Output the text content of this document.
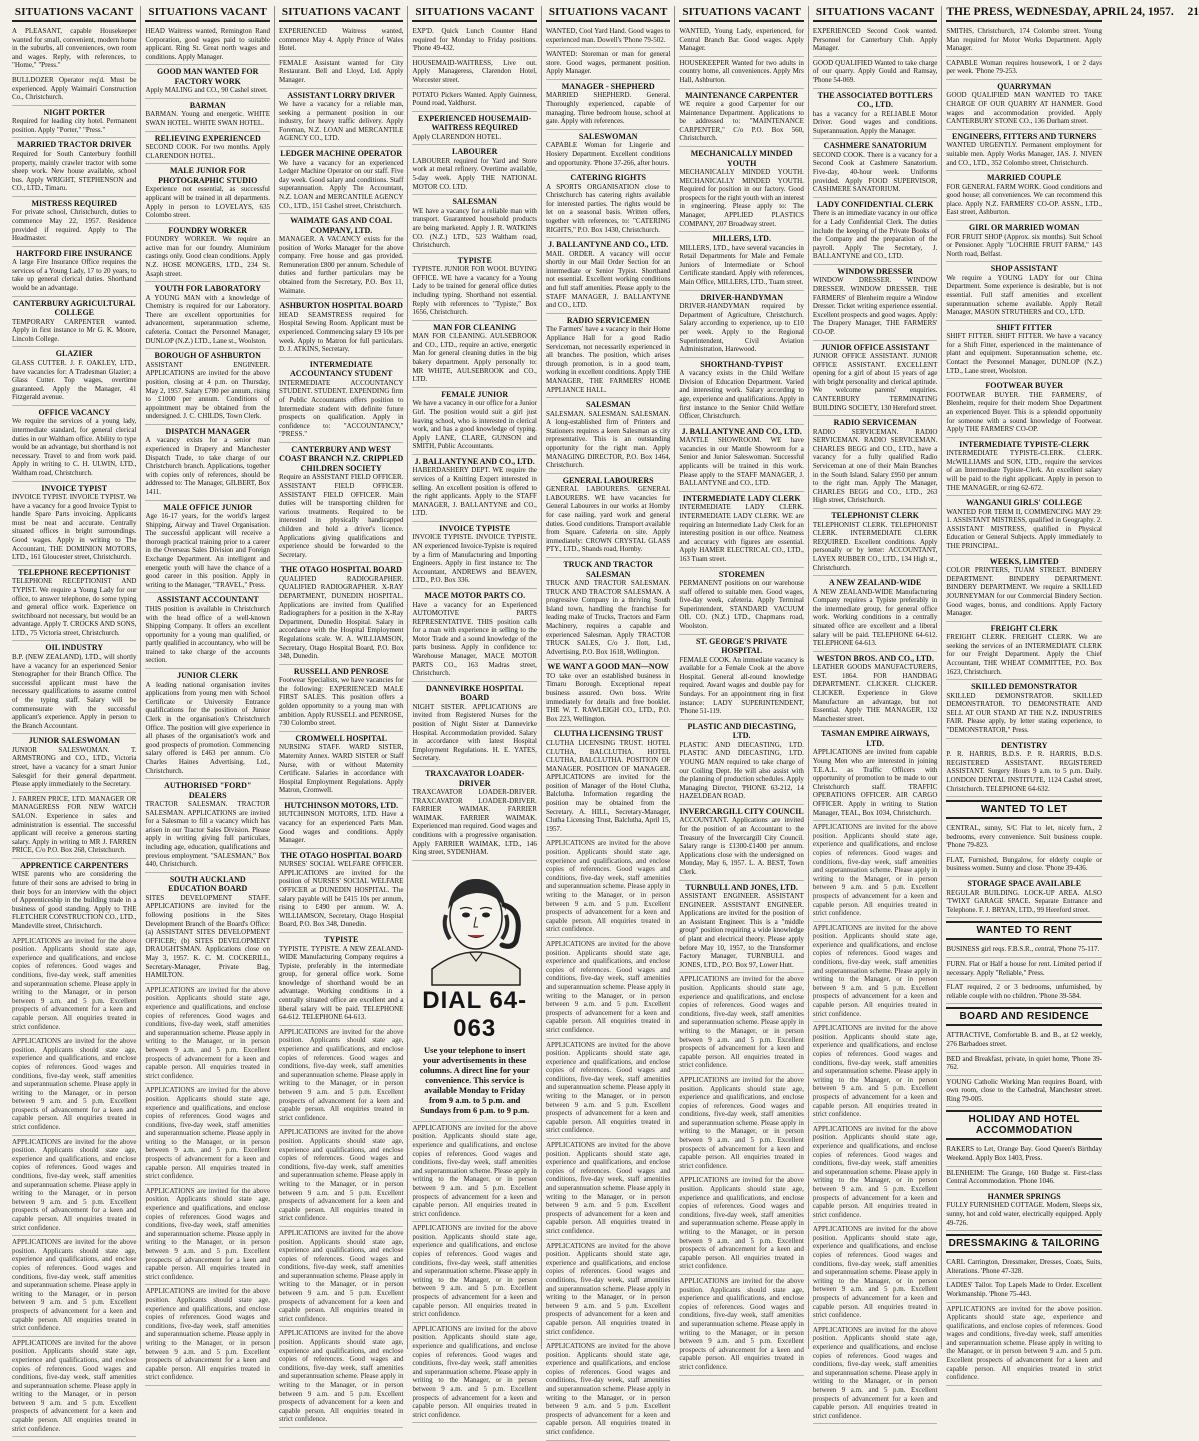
SITUATIONS VACANT

A PLEASANT, capable Housekeeper wanted for small, convenient, modern home in the suburbs, all conveniences, own room and wages. Reply, with references, to "Home," "Press."

BULLDOZER Operator req'd. Must be experienced. Apply Waimairi Construction Co., Christchurch.

NIGHT PORTER

Required for leading city hotel. Permanent position. Apply "Porter," "Press."

MARRIED TRACTOR DRIVER

Required for South Canterbury foothill property, mainly crawler tractor with some sheep work. New house available, school bus. Apply WRIGHT, STEPHENSON and CO., LTD., Timaru.

MISTRESS REQUIRED

For private school, Christchurch, duties to commence May 22, 1957. Residence provided if required. Apply to The Headmaster.

HARTFORD FIRE INSURANCE

A large Fire Insurance Office requires the services of a Young Lady, 17 to 20 years, to take up general clerical duties. Shorthand would be an advantage.

CANTERBURY AGRICULTURAL COLLEGE

TEMPORARY CARPENTER wanted. Apply in first instance to Mr G. K. Moore, Lincoln College.

GLAZIER

GLASS CUTTER. J. F. OAKLEY, LTD., have vacancies for: A Tradesman Glazier; a Glass Cutter. Top wages, overtime guaranteed. Apply the Manager, 41 Fitzgerald avenue.

OFFICE VACANCY

We require the services of a young lady, intermediate standard, for general clerical duties in our Waltham office. Ability to type would be an advantage, but shorthand is not necessary. Travel to and from work paid. Apply in writing to C. H. ULWIN, LTD., Waltham road, Christchurch.

INVOICE TYPIST

INVOICE TYPIST. INVOICE TYPIST. We have a vacancy for a good Invoice Typist to handle Spare Parts invoicing. Applicants must be neat and accurate. Centrally situated offices in bright surroundings. Good wages. Apply in writing to The Accountant, THE DOMINION MOTORS, LTD., 161 Gloucester street, Christchurch.

TELEPHONE RECEPTIONIST

TELEPHONE RECEPTIONIST AND TYPIST. We require a Young Lady for our office, to answer telephone, do some typing and general office work. Experience on switchboard not necessary, but would be an advantage. Apply T. CROCKS AND SONS, LTD., 75 Victoria street, Christchurch.

OIL INDUSTRY

B.P. (NEW ZEALAND), LTD., will shortly have a vacancy for an experienced Senior Stenographer for their Branch Office. The successful applicant must have the necessary qualifications to assume control of the typing staff. Salary will be commensurate with the successful applicant's experience. Apply in person to the Branch Accountant.

JUNIOR SALESWOMAN

JUNIOR SALESWOMAN. T. ARMSTRONG and CO., LTD., Victoria street, have a vacancy for a smart Junior Salesgirl for their general department. Please apply immediately to the Secretary.

J. FARREN PRICE, LTD. MANAGER OR MANAGERESS FOR NEW WATCH SALON. Experience in sales and administration is essential. The successful applicant will receive a generous starting salary. Apply in writing to MR J. FARREN PRICE, C/o P.O. Box 268, Christchurch.

APPRENTICE CARPENTERS

WISE parents who are considering the future of their sons are advised to bring in their boys for an interview with the object of Apprenticeship in the building trade in a business of good standing. Apply to THE FLETCHER CONSTRUCTION CO., LTD., Mandeville street, Christchurch.

APPLICATIONS are invited for the above position. Applicants should state age, experience and qualifications, and enclose copies of references. Good wages and conditions, five-day week, staff amenities and superannuation scheme. Please apply in writing to the Manager, or in person between 9 a.m. and 5 p.m. Excellent prospects of advancement for a keen and capable person. All enquiries treated in strict confidence.
APPLICATIONS are invited for the above position. Applicants should state age, experience and qualifications, and enclose copies of references. Good wages and conditions, five-day week, staff amenities and superannuation scheme. Please apply in writing to the Manager, or in person between 9 a.m. and 5 p.m. Excellent prospects of advancement for a keen and capable person. All enquiries treated in strict confidence.
APPLICATIONS are invited for the above position. Applicants should state age, experience and qualifications, and enclose copies of references. Good wages and conditions, five-day week, staff amenities and superannuation scheme. Please apply in writing to the Manager, or in person between 9 a.m. and 5 p.m. Excellent prospects of advancement for a keen and capable person. All enquiries treated in strict confidence.
APPLICATIONS are invited for the above position. Applicants should state age, experience and qualifications, and enclose copies of references. Good wages and conditions, five-day week, staff amenities and superannuation scheme. Please apply in writing to the Manager, or in person between 9 a.m. and 5 p.m. Excellent prospects of advancement for a keen and capable person. All enquiries treated in strict confidence.
APPLICATIONS are invited for the above position. Applicants should state age, experience and qualifications, and enclose copies of references. Good wages and conditions, five-day week, staff amenities and superannuation scheme. Please apply in writing to the Manager, or in person between 9 a.m. and 5 p.m. Excellent prospects of advancement for a keen and capable person. All enquiries treated in strict confidence.
SITUATIONS VACANT

HEAD Waitress wanted, Remington Rand Corporation, good wages paid to suitable applicant. Ring St. Great north wages and conditions. Apply Manager.

GOOD MAN WANTED FOR FACTORY WORK

Apply MALING and CO., 90 Cashel street.

BARMAN

BARMAN. Young and energetic. WHITE SWAN HOTEL. WHITE SWAN HOTEL.

RELIEVING EXPERIENCED

SECOND COOK. For two months. Apply CLARENDON HOTEL.

MALE JUNIOR FOR PHOTOGRAPHIC STUDIO

Experience not essential, as successful applicant will be trained in all departments. Apply in person to LOVELAYS, 635 Colombo street.

FOUNDRY WORKER

FOUNDRY WORKER. We require an active man for our foundry. Aluminium castings only. Good clean conditions. Apply N.Z. HOSE MONGERS, LTD., 234 St. Asaph street.

YOUTH FOR LABORATORY

A YOUNG MAN with a knowledge of Chemistry is required for our Laboratory. There are excellent opportunities for advancement, superannuation scheme, cafeteria. Contact the Personnel Manager, DUNLOP (N.Z.) LTD., Lane st., Woolston.

BOROUGH OF ASHBURTON

ASSISTANT ENGINEER. APPLICATIONS are invited for the above position, closing at 4 p.m. on Thursday, May 2, 1957. Salary £780 per annum, rising to £1000 per annum. Conditions of appointment may be obtained from the undersigned. J. C. CHILDS, Town Clerk.

DISPATCH MANAGER

A vacancy exists for a senior man experienced in Drapery and Manchester Dispatch Trade, to take charge of our Christchurch branch. Applications, together with copies only of references, should be addressed to: The Manager, GILBERT, Box 1411.

MALE OFFICE JUNIOR

Age 16-17 years, for the world's largest Shipping, Airway and Travel Organisation. The successful applicant will receive a thorough practical training prior to a career in the Overseas Sales Division and Foreign Exchange Department. An intelligent and energetic youth will have the chance of a good career in this position. Apply in writing to the Manager, "TRAVEL," Press.

ASSISTANT ACCOUNTANT

THIS position is available in Christchurch with the head office of a well-known Shipping Company. It offers an excellent opportunity for a young man qualified, or partly qualified in accountancy, who will be trained to take charge of the accounts section.

JUNIOR CLERK

A leading national organisation invites applications from young men with School Certificate or University Entrance qualifications for the position of Junior Clerk in the organisation's Christchurch Office. The position will give experience in all phases of the organisation's work and good prospects of promotion. Commencing salary offered is £463 per annum. C/o Charles Haines Advertising, Ltd., Christchurch.

AUTHORISED "FORD" DEALERS

TRACTOR SALESMAN. TRACTOR SALESMAN. APPLICATIONS are invited for a Salesman to fill a vacancy which has arisen in our Tractor Sales Division. Please apply in writing giving full particulars, including age, education, qualifications and previous employment. "SALESMAN," Box 440, Christchurch.

SOUTH AUCKLAND EDUCATION BOARD

SITES DEVELOPMENT STAFF. APPLICATIONS are invited for the following positions in the Sites Development Branch of the Board's Office: (a) ASSISTANT SITES DEVELOPMENT OFFICER; (b) SITES DEVELOPMENT DRAUGHTSMAN. Applications close on May 3, 1957. K. C. M. COCKERILL, Secretary-Manager, Private Bag, HAMILTON.

APPLICATIONS are invited for the above position. Applicants should state age, experience and qualifications, and enclose copies of references. Good wages and conditions, five-day week, staff amenities and superannuation scheme. Please apply in writing to the Manager, or in person between 9 a.m. and 5 p.m. Excellent prospects of advancement for a keen and capable person. All enquiries treated in strict confidence.
APPLICATIONS are invited for the above position. Applicants should state age, experience and qualifications, and enclose copies of references. Good wages and conditions, five-day week, staff amenities and superannuation scheme. Please apply in writing to the Manager, or in person between 9 a.m. and 5 p.m. Excellent prospects of advancement for a keen and capable person. All enquiries treated in strict confidence.
APPLICATIONS are invited for the above position. Applicants should state age, experience and qualifications, and enclose copies of references. Good wages and conditions, five-day week, staff amenities and superannuation scheme. Please apply in writing to the Manager, or in person between 9 a.m. and 5 p.m. Excellent prospects of advancement for a keen and capable person. All enquiries treated in strict confidence.
APPLICATIONS are invited for the above position. Applicants should state age, experience and qualifications, and enclose copies of references. Good wages and conditions, five-day week, staff amenities and superannuation scheme. Please apply in writing to the Manager, or in person between 9 a.m. and 5 p.m. Excellent prospects of advancement for a keen and capable person. All enquiries treated in strict confidence.
SITUATIONS VACANT

EXPERIENCED Waitress wanted, commence May 4. Apply Prince of Wales Hotel.

FEMALE Assistant wanted for City Restaurant. Bell and Lloyd, Ltd. Apply Manager.

ASSISTANT LORRY DRIVER

We have a vacancy for a reliable man, seeking a permanent position in our industry, for heavy traffic delivery. Apply Foreman, N.Z. LOAN and MERCANTILE AGENCY CO., LTD.

LEDGER MACHINE OPERATOR

We have a vacancy for an experienced Ledger Machine Operator on our staff. Five day week. Good salary and conditions. Staff superannuation. Apply The Accountant, N.Z. LOAN and MERCANTILE AGENCY CO., LTD., 151 Cashel street, Christchurch.

WAIMATE GAS AND COAL COMPANY, LTD.

MANAGER. A VACANCY exists for the position of Works Manager for the above company. Free house and gas provided. Remuneration £800 per annum. Schedule of duties and further particulars may be obtained from the Secretary, P.O. Box 11, Waimate.

ASHBURTON HOSPITAL BOARD

HEAD SEAMSTRESS required for Hospital Sewing Room. Applicant must be experienced. Commencing salary £9 10s per week. Apply to Matron for full particulars. D. J. ATKINS, Secretary.

INTERMEDIATE ACCOUNTANCY STUDENT

INTERMEDIATE ACCOUNTANCY STUDENT. STUDENT. EXPENDING firm of Public Accountants offers position to Intermediate student with definite future prospects on qualification. Apply in confidence to: "ACCOUNTANCY," "PRESS."

CANTERBURY AND WEST COAST BRANCH N.Z. CRIPPLED CHILDREN SOCIETY

Require an ASSISTANT FIELD OFFICER. ASSISTANT FIELD OFFICER. ASSISTANT FIELD OFFICER. Main duties will be transporting children for various treatments. Required to be interested in physically handicapped children and hold a driver's licence. Applications giving qualifications and experience should be forwarded to the Secretary.

THE OTAGO HOSPITAL BOARD

QUALIFIED RADIOGRAPHER. QUALIFIED RADIOGRAPHER. X-RAY DEPARTMENT, DUNEDIN HOSPITAL. Applications are invited from Qualified Radiographers for a position in the X-Ray Department, Dunedin Hospital. Salary in accordance with the Hospital Employment Regulations scale. W. A. WILLIAMSON, Secretary, Otago Hospital Board, P.O. Box 348, Dunedin.

RUSSELL AND PENROSE

Footwear Specialists, we have vacancies for the following: EXPERIENCED MALE FIRST SALES. This position offers a golden opportunity to a young man with ambition. Apply RUSSELL and PENROSE, 730 Colombo street.

CROMWELL HOSPITAL

NURSING STAFF. WARD SISTER, Maternity Annex. WARD SISTER or Staff Nurse, with or without Maternity Certificate. Salaries in accordance with Hospital Employment Regulations. Apply Matron, Cromwell.

HUTCHINSON MOTORS, LTD.

HUTCHINSON MOTORS, LTD. Have a vacancy for an experienced Parts Man. Good wages and conditions. Apply Manager.

THE OTAGO HOSPITAL BOARD

NURSES' SOCIAL WELFARE OFFICER. APPLICATIONS are invited for the position of NURSES' SOCIAL WELFARE OFFICER at DUNEDIN HOSPITAL. The salary payable will be £415 10s per annum, rising to £490 per annum. W. A. WILLIAMSON, Secretary, Otago Hospital Board, P.O. Box 348, Dunedin.

TYPISTE

TYPISTE. TYPISTE. A NEW ZEALAND-WIDE Manufacturing Company requires a Typiste, preferably in the intermediate group, for general office work. Some knowledge of shorthand would be an advantage. Working conditions in a centrally situated office are excellent and a liberal salary will be paid. TELEPHONE 64-612. TELEPHONE 64-613.

APPLICATIONS are invited for the above position. Applicants should state age, experience and qualifications, and enclose copies of references. Good wages and conditions, five-day week, staff amenities and superannuation scheme. Please apply in writing to the Manager, or in person between 9 a.m. and 5 p.m. Excellent prospects of advancement for a keen and capable person. All enquiries treated in strict confidence.
APPLICATIONS are invited for the above position. Applicants should state age, experience and qualifications, and enclose copies of references. Good wages and conditions, five-day week, staff amenities and superannuation scheme. Please apply in writing to the Manager, or in person between 9 a.m. and 5 p.m. Excellent prospects of advancement for a keen and capable person. All enquiries treated in strict confidence.
APPLICATIONS are invited for the above position. Applicants should state age, experience and qualifications, and enclose copies of references. Good wages and conditions, five-day week, staff amenities and superannuation scheme. Please apply in writing to the Manager, or in person between 9 a.m. and 5 p.m. Excellent prospects of advancement for a keen and capable person. All enquiries treated in strict confidence.
APPLICATIONS are invited for the above position. Applicants should state age, experience and qualifications, and enclose copies of references. Good wages and conditions, five-day week, staff amenities and superannuation scheme. Please apply in writing to the Manager, or in person between 9 a.m. and 5 p.m. Excellent prospects of advancement for a keen and capable person. All enquiries treated in strict confidence.
SITUATIONS VACANT

EXP'D. Quick Lunch Counter Hand required for Monday to Friday positions. 'Phone 49-432.

HOUSEMAID-WAITRESS, Live out. Apply Manageress, Clarendon Hotel, Worcester street.

POTATO Pickers Wanted. Apply Guinness, Pound road, Yaldhurst.

EXPERIENCED HOUSEMAID-WAITRESS REQUIRED

Apply CLARENDON HOTEL.

LABOURER

LABOURER required for Yard and Store work at metal refinery. Overtime available, 5-day week. Apply THE NATIONAL MOTOR CO. LTD.

SALESMAN

WE have a vacancy for a reliable man with transport. Guaranteed household products are being marketed. Apply J. R. WATKINS CO. (N.Z.) LTD., 523 Waltham road, Christchurch.

TYPISTE

TYPISTE. JUNIOR FOR WOOL BUYING OFFICE. WE have a vacancy for a Young Lady to be trained for general office duties including typing. Shorthand not essential. Reply with references to "Typiste," Box 1656, Christchurch.

MAN FOR CLEANING

MAN FOR CLEANING. AULSEBROOK and CO., LTD., require an active, energetic Man for general cleaning duties in the big bakery department. Apply personally to: MR WHITE, AULSEBROOK and CO., LTD.

FEMALE JUNIOR

We have a vacancy in our office for a Junior Girl. The position would suit a girl just leaving school, who is interested in clerical work, and has a good knowledge of typing. Apply LANE, CLARE, GUNSON and SMITH, Public Accountants.

J. BALLANTYNE AND CO., LTD.

HABERDASHERY DEPT. WE require the services of a Knitting Expert interested in selling. An excellent position is offered to the right applicants. Apply to the STAFF MANAGER, J. BALLANTYNE and CO., LTD.

INVOICE TYPISTE

INVOICE TYPISTE. INVOICE TYPISTE. AN experienced Invoice-Typiste is required by a firm of Manufacturing and Importing Engineers. Apply in first instance to: The Accountant, ANDREWS and BEAVEN, LTD., P.O. Box 336.

MACE MOTOR PARTS CO.

Have a vacancy for an Experienced AUTOMOTIVE PARTS REPRESENTATIVE. THIS position calls for a man with experience in selling to the Motor Trade and a sound knowledge of the parts business. Apply in confidence to: Warehouse Manager, MACE MOTOR PARTS CO., 163 Madras street, Christchurch.

DANNEVIRKE HOSPITAL BOARD

NIGHT SISTER. APPLICATIONS are invited from Registered Nurses for the position of Night Sister at Dannevirke Hospital. Accommodation provided. Salary in accordance with latest Hospital Employment Regulations. H. E. YATES, Secretary.

TRAXCAVATOR LOADER-DRIVER

TRAXCAVATOR LOADER-DRIVER. TRAXCAVATOR LOADER-DRIVER. FARRIER WAIMAK. FARRIER WAIMAK. FARRIER WAIMAK. Experienced man required. Good wages and conditions with a progressive organisation. Apply FARRIER WAIMAK, LTD., 146 King street, SYDENHAM.

DIAL 64-063
Use your telephone to insert your advertisements in these columns. A direct line for your convenience. This service is available Monday to Friday from 9 a.m. to 5 p.m. and Sundays from 6 p.m. to 9 p.m.
APPLICATIONS are invited for the above position. Applicants should state age, experience and qualifications, and enclose copies of references. Good wages and conditions, five-day week, staff amenities and superannuation scheme. Please apply in writing to the Manager, or in person between 9 a.m. and 5 p.m. Excellent prospects of advancement for a keen and capable person. All enquiries treated in strict confidence.
APPLICATIONS are invited for the above position. Applicants should state age, experience and qualifications, and enclose copies of references. Good wages and conditions, five-day week, staff amenities and superannuation scheme. Please apply in writing to the Manager, or in person between 9 a.m. and 5 p.m. Excellent prospects of advancement for a keen and capable person. All enquiries treated in strict confidence.
APPLICATIONS are invited for the above position. Applicants should state age, experience and qualifications, and enclose copies of references. Good wages and conditions, five-day week, staff amenities and superannuation scheme. Please apply in writing to the Manager, or in person between 9 a.m. and 5 p.m. Excellent prospects of advancement for a keen and capable person. All enquiries treated in strict confidence.
SITUATIONS VACANT

WANTED, Cool Yard Hand. Good wages to experienced man. Dowell's 'Phone 79-502.

WANTED: Storeman or man for general store. Good wages, permanent position. Apply Manager.

MANAGER - SHEPHERD

MARRIED SHEPHERD. General. Thoroughly experienced, capable of managing. Three bedroom house, school at gate. Apply with references.

SALESWOMAN

CAPABLE Woman for Lingerie and Hosiery Department. Excellent conditions and opportunity. 'Phone 37-266, after hours.

CATERING RIGHTS

A SPORTS ORGANISATION close to Christchurch has catering rights available for interested parties. The rights would be let on a seasonal basis. Written offers, together with references, to: "CATERING RIGHTS," P.O. Box 1430, Christchurch.

J. BALLANTYNE AND CO., LTD.

MAIL ORDER. A vacancy will occur shortly in our Mail Order Section for an intermediate or Senior Typist. Shorthand not essential. Excellent working conditions and full staff amenities. Please apply to the STAFF MANAGER, J. BALLANTYNE and CO., LTD.

RADIO SERVICEMEN

The Farmers' have a vacancy in their Home Appliance Hall for a good Radio Serviceman, not necessarily experienced in all branches. The position, which arises through promotion, is in a good team, working in excellent conditions. Apply THE MANAGER, THE FARMERS' HOME APPLIANCE HALL.

SALESMAN

SALESMAN. SALESMAN. SALESMAN. A long-established firm of Printers and Stationers requires a keen Salesman as city representative. This is an outstanding opportunity for the right man. Apply MANAGING DIRECTOR, P.O. Box 1464, Christchurch.

GENERAL LABOURERS

GENERAL LABOURERS. GENERAL LABOURERS. WE have vacancies for General Labourers in our works at Hornby for case nailing, yard work and general duties. Good conditions. Transport available from Square. Cafeteria on site. Apply immediately: CROWN CRYSTAL GLASS PTY., LTD., Shands road, Hornby.

TRUCK AND TRACTOR SALESMAN

TRUCK AND TRACTOR SALESMAN. TRUCK AND TRACTOR SALESMAN. A progressive Company in a thriving South Island town, handling the franchise for leading make of Trucks, Tractors and Farm Machinery, requires a capable and experienced Salesman. Apply TRACTOR TRUCK SALES, C/o J. Ilott, Ltd., Advertising, P.O. Box 1618, Wellington.

WE WANT A GOOD MAN—NOW

TO take over an established business in Timaru Borough. Exceptional repeat business assured. Own boss. Write immediately for details and free booklet. THE W. T. RAWLEIGH CO., LTD., P.O. Box 223, Wellington.

CLUTHA LICENSING TRUST

CLUTHA LICENSING TRUST. HOTEL CLUTHA, BALCLUTHA. HOTEL CLUTHA, BALCLUTHA. POSITION OF MANAGER. POSITION OF MANAGER. APPLICATIONS are invited for the position of Manager of the Hotel Clutha, Balclutha. Information regarding the position may be obtained from the Secretary. A. HILL, Secretary-Manager, Clutha Licensing Trust, Balclutha, April 15, 1957.

APPLICATIONS are invited for the above position. Applicants should state age, experience and qualifications, and enclose copies of references. Good wages and conditions, five-day week, staff amenities and superannuation scheme. Please apply in writing to the Manager, or in person between 9 a.m. and 5 p.m. Excellent prospects of advancement for a keen and capable person. All enquiries treated in strict confidence.
APPLICATIONS are invited for the above position. Applicants should state age, experience and qualifications, and enclose copies of references. Good wages and conditions, five-day week, staff amenities and superannuation scheme. Please apply in writing to the Manager, or in person between 9 a.m. and 5 p.m. Excellent prospects of advancement for a keen and capable person. All enquiries treated in strict confidence.
APPLICATIONS are invited for the above position. Applicants should state age, experience and qualifications, and enclose copies of references. Good wages and conditions, five-day week, staff amenities and superannuation scheme. Please apply in writing to the Manager, or in person between 9 a.m. and 5 p.m. Excellent prospects of advancement for a keen and capable person. All enquiries treated in strict confidence.
APPLICATIONS are invited for the above position. Applicants should state age, experience and qualifications, and enclose copies of references. Good wages and conditions, five-day week, staff amenities and superannuation scheme. Please apply in writing to the Manager, or in person between 9 a.m. and 5 p.m. Excellent prospects of advancement for a keen and capable person. All enquiries treated in strict confidence.
APPLICATIONS are invited for the above position. Applicants should state age, experience and qualifications, and enclose copies of references. Good wages and conditions, five-day week, staff amenities and superannuation scheme. Please apply in writing to the Manager, or in person between 9 a.m. and 5 p.m. Excellent prospects of advancement for a keen and capable person. All enquiries treated in strict confidence.
APPLICATIONS are invited for the above position. Applicants should state age, experience and qualifications, and enclose copies of references. Good wages and conditions, five-day week, staff amenities and superannuation scheme. Please apply in writing to the Manager, or in person between 9 a.m. and 5 p.m. Excellent prospects of advancement for a keen and capable person. All enquiries treated in strict confidence.
SITUATIONS VACANT

WANTED, Young Lady, experienced, for Central Branch Bar. Good wages. Apply Manager.

HOUSEKEEPER Wanted for two adults in country home, all conveniences. Apply Mrs Hall, Ashburton.

MAINTENANCE CARPENTER

WE require a good Carpenter for our Maintenance Department. Applications to be addressed to: "MAINTENANCE CARPENTER," C/o P.O. Box 560, Christchurch.

MECHANICALLY MINDED YOUTH

MECHANICALLY MINDED YOUTH. MECHANICALLY MINDED YOUTH. Required for position in our factory. Good prospects for the right youth with an interest in engineering. Please apply to: The Manager, APPLIED PLASTICS COMPANY, 207 Broadway street.

MILLERS, LTD.

MILLERS, LTD., have several vacancies in Retail Departments for Male and Female Juniors of Intermediate or School Certificate standard. Apply with references, Main Office, MILLERS, LTD., Tuam street.

DRIVER-HANDYMAN

DRIVER-HANDYMAN required by Department of Agriculture, Christchurch. Salary according to experience, up to £10 per week. Apply to the Regional Superintendent, Civil Aviation Administration, Harewood.

SHORTHAND-TYPIST

A vacancy exists in the Child Welfare Division of Education Department. Varied and interesting work. Salary according to age, experience and qualifications. Apply in first instance to the Senior Child Welfare Officer, Christchurch.

J. BALLANTYNE AND CO., LTD.

MANTLE SHOWROOM. WE have vacancies in our Mantle Showroom for a Senior and Junior Saleswoman. Successful applicants will be trained in this work. Please apply to the STAFF MANAGER, J. BALLANTYNE and CO., LTD.

INTERMEDIATE LADY CLERK

INTERMEDIATE LADY CLERK. INTERMEDIATE LADY CLERK. WE are requiring an Intermediate Lady Clerk for an interesting position in our office. Neatness and accuracy with figures are essential. Apply HAMER ELECTRICAL CO., LTD., 163 Tuam street.

STOREMEN

PERMANENT positions on our warehouse staff offered to suitable men. Good wages, five-day week, cafeteria. Apply Terminal Superintendent, STANDARD VACUUM OIL CO. (N.Z.) LTD., Chapmans road, Woolston.

ST. GEORGE'S PRIVATE HOSPITAL

FEMALE COOK. An immediate vacancy is available for a Female Cook at the above Hospital. General all-round knowledge required. Award wages and double pay for Sundays. For an appointment ring in first instance: LADY SUPERINTENDENT, 'Phone 51-119.

PLASTIC AND DIECASTING, LTD.

PLASTIC AND DIECASTING, LTD. PLASTIC AND DIECASTING, LTD. YOUNG MAN required to take charge of our Coiling Dept. He will also assist with the planning of production schedules. Apply Managing Director, 'PHONE 63-212, 14 HAZELDEAN ROAD.

INVERCARGILL CITY COUNCIL

ACCOUNTANT. Applications are invited for the position of an Accountant to the Treasury of the Invercargill City Council. Salary range is £1300-£1400 per annum. Applications close with the undersigned on Monday, May 6, 1957. L. A. BEST, Town Clerk.

TURNBULL AND JONES, LTD.

ASSISTANT ENGINEER. ASSISTANT ENGINEER. ASSISTANT ENGINEER. Applications are invited for the position of an Assistant Engineer. This is a "middle group" position requiring a wide knowledge of plant and electrical theory. Please apply before May 10, 1957, to the Transformer Factory Manager, TURNBULL and JONES, LTD., P.O. Box 97, Lower Hutt.

APPLICATIONS are invited for the above position. Applicants should state age, experience and qualifications, and enclose copies of references. Good wages and conditions, five-day week, staff amenities and superannuation scheme. Please apply in writing to the Manager, or in person between 9 a.m. and 5 p.m. Excellent prospects of advancement for a keen and capable person. All enquiries treated in strict confidence.
APPLICATIONS are invited for the above position. Applicants should state age, experience and qualifications, and enclose copies of references. Good wages and conditions, five-day week, staff amenities and superannuation scheme. Please apply in writing to the Manager, or in person between 9 a.m. and 5 p.m. Excellent prospects of advancement for a keen and capable person. All enquiries treated in strict confidence.
APPLICATIONS are invited for the above position. Applicants should state age, experience and qualifications, and enclose copies of references. Good wages and conditions, five-day week, staff amenities and superannuation scheme. Please apply in writing to the Manager, or in person between 9 a.m. and 5 p.m. Excellent prospects of advancement for a keen and capable person. All enquiries treated in strict confidence.
APPLICATIONS are invited for the above position. Applicants should state age, experience and qualifications, and enclose copies of references. Good wages and conditions, five-day week, staff amenities and superannuation scheme. Please apply in writing to the Manager, or in person between 9 a.m. and 5 p.m. Excellent prospects of advancement for a keen and capable person. All enquiries treated in strict confidence.
SITUATIONS VACANT

EXPERIENCED Second Cook wanted. Personnel for Canterbury Club. Apply Manager.

GOOD QUALIFIED Wanted to take charge of our quarry. Apply Gould and Ramsay, 'Phone 54-069.

THE ASSOCIATED BOTTLERS CO., LTD.

has a vacancy for a RELIABLE Motor Driver. Good wages and conditions. Superannuation. Apply the Manager.

CASHMERE SANATORIUM

SECOND COOK. There is a vacancy for a Second Cook at Cashmere Sanatorium. Five-day, 40-hour week. Uniforms provided. Apply FOOD SUPERVISOR, CASHMERE SANATORIUM.

LADY CONFIDENTIAL CLERK

There is an immediate vacancy in our office for a Lady Confidential Clerk. The duties include the keeping of the Private Books of the Company and the preparation of the payroll. Apply The Secretary, J. BALLANTYNE and CO., LTD.

WINDOW DRESSER

WINDOW DRESSER. WINDOW DRESSER. WINDOW DRESSER. THE FARMERS' of Blenheim require a Window Dresser. Ticket writing experience essential. Excellent prospects and good wages. Apply: The Drapery Manager, THE FARMERS' CO-OP.

JUNIOR OFFICE ASSISTANT

JUNIOR OFFICE ASSISTANT. JUNIOR OFFICE ASSISTANT. EXCELLENT opening for a girl of about 15 years of age with bright personality and clerical aptitude. We welcome parents' enquiries. CANTERBURY TERMINATING BUILDING SOCIETY, 130 Hereford street.

RADIO SERVICEMAN

RADIO SERVICEMAN. RADIO SERVICEMAN. RADIO SERVICEMAN. CHARLES BEGG and CO., LTD., have a vacancy for a fully qualified Radio Serviceman at one of their Main Branches in the South Island. Salary £950 per annum to the right man. Apply The Manager, CHARLES BEGG and CO., LTD., 263 High street, Christchurch.

TELEPHONIST CLERK

TELEPHONIST CLERK. TELEPHONIST CLERK. INTERMEDIATE CLERK REQUIRED. Excellent conditions. Apply personally or by letter: ACCOUNTANT, LAYEX RUBBER CO., LTD., 134 High st., Christchurch.

A NEW ZEALAND-WIDE

A NEW ZEALAND-WIDE Manufacturing Company requires a Typiste preferably in the intermediate group, for general office work. Working conditions in a centrally situated office are excellent and a liberal salary will be paid. TELEPHONE 64-612. TELEPHONE 64-613.

WESTON BROS. AND CO., LTD.

LEATHER GOODS MANUFACTURERS, EST. 1864. FOR HANDBAG DEPARTMENT. CLICKER. CLICKER. CLICKER. Experience in Glove Manufacture an advantage, but not Essential. Apply THE MANAGER, 132 Manchester street.

TASMAN EMPIRE AIRWAYS, LTD.

APPLICATIONS are invited from capable Young Men who are interested in joining T.E.A.L. as Traffic Officers with opportunity of promotion to be made to our Christchurch staff. TRAFFIC OPERATIONS OFFICER. AIR CARGO OFFICER. Apply in writing to Station Manager, TEAL, Box 1034, Christchurch.

APPLICATIONS are invited for the above position. Applicants should state age, experience and qualifications, and enclose copies of references. Good wages and conditions, five-day week, staff amenities and superannuation scheme. Please apply in writing to the Manager, or in person between 9 a.m. and 5 p.m. Excellent prospects of advancement for a keen and capable person. All enquiries treated in strict confidence.
APPLICATIONS are invited for the above position. Applicants should state age, experience and qualifications, and enclose copies of references. Good wages and conditions, five-day week, staff amenities and superannuation scheme. Please apply in writing to the Manager, or in person between 9 a.m. and 5 p.m. Excellent prospects of advancement for a keen and capable person. All enquiries treated in strict confidence.
APPLICATIONS are invited for the above position. Applicants should state age, experience and qualifications, and enclose copies of references. Good wages and conditions, five-day week, staff amenities and superannuation scheme. Please apply in writing to the Manager, or in person between 9 a.m. and 5 p.m. Excellent prospects of advancement for a keen and capable person. All enquiries treated in strict confidence.
APPLICATIONS are invited for the above position. Applicants should state age, experience and qualifications, and enclose copies of references. Good wages and conditions, five-day week, staff amenities and superannuation scheme. Please apply in writing to the Manager, or in person between 9 a.m. and 5 p.m. Excellent prospects of advancement for a keen and capable person. All enquiries treated in strict confidence.
APPLICATIONS are invited for the above position. Applicants should state age, experience and qualifications, and enclose copies of references. Good wages and conditions, five-day week, staff amenities and superannuation scheme. Please apply in writing to the Manager, or in person between 9 a.m. and 5 p.m. Excellent prospects of advancement for a keen and capable person. All enquiries treated in strict confidence.
APPLICATIONS are invited for the above position. Applicants should state age, experience and qualifications, and enclose copies of references. Good wages and conditions, five-day week, staff amenities and superannuation scheme. Please apply in writing to the Manager, or in person between 9 a.m. and 5 p.m. Excellent prospects of advancement for a keen and capable person. All enquiries treated in strict confidence.
THE PRESS, WEDNESDAY, APRIL 24, 1957. 21

SMITHS, Christchurch, 174 Colombo street. Young Man required for Motor Works Department. Apply Manager.

CAPABLE Woman requires housework, 1 or 2 days per week. 'Phone 79-253.

QUARRYMAN

GOOD QUALIFIED MAN WANTED TO TAKE CHARGE OF OUR QUARRY AT HANMER. Good wages and accommodation provided. Apply CANTERBURY STONE CO., 136 Durham street.

ENGINEERS, FITTERS AND TURNERS

WANTED URGENTLY. Permanent employment for suitable men. Apply Works Manager, JAS. J. NIVEN and CO., LTD., 352 Colombo street, Christchurch.

MARRIED COUPLE

FOR GENERAL FARM WORK. Good conditions and good house; all conveniences. We can recommend this place. Apply N.Z. FARMERS' CO-OP. ASSN., LTD., East street, Ashburton.

GIRL OR MARRIED WOMAN

FOR FRUIT SHOP (Approx. six months). Suit School or Pensioner. Apply "LOCHRIE FRUIT FARM," 143 North road, Belfast.

SHOP ASSISTANT

We require a YOUNG LADY for our China Department. Some experience is desirable, but is not essential. Full staff amenities and excellent superannuation scheme available. Apply Retail Manager, MASON STRUTHERS and CO., LTD.

SHIFT FITTER

SHIFT FITTER. SHIFT FITTER. We have a vacancy for a Shift Fitter, experienced in the maintenance of plant and equipment. Superannuation scheme, etc. Contact the Personnel Manager, DUNLOP (N.Z.) LTD., Lane street, Woolston.

FOOTWEAR BUYER

FOOTWEAR BUYER. THE FARMERS', of Blenheim, require for their modern Shoe Department an experienced Buyer. This is a splendid opportunity for someone with a sound knowledge of Footwear. Apply THE FARMERS' CO-OP.

INTERMEDIATE TYPISTE-CLERK

INTERMEDIATE TYPISTE-CLERK. CLERK. McWILLIAMS and SON, LTD., require the services of an Intermediate Typiste-Clerk. An excellent salary will be paid to the right applicant. Apply in person to THE MANAGER, or ring 62-672.

WANGANUI GIRLS' COLLEGE

WANTED FOR TERM II, COMMENCING MAY 29: 1. ASSISTANT MISTRESS, qualified in Geography. 2. ASSISTANT MISTRESS, qualified in Physical Education or General Subjects. Apply immediately to THE PRINCIPAL.

WEEKS, LIMITED

COLOR PRINTERS, TUAM STREET. BINDERY DEPARTMENT. BINDERY DEPARTMENT. BINDERY DEPARTMENT. We require a SKILLED JOURNEYMAN for our Commercial Bindery Section. Good wages, bonus, and conditions. Apply Factory Manager.

FREIGHT CLERK

FREIGHT CLERK. FREIGHT CLERK. We are seeking the services of an INTERMEDIATE CLERK for our Freight Department. Apply the Chief Accountant, THE WHEAT COMMITTEE, P.O. Box 1623, Christchurch.

SKILLED DEMONSTRATOR

SKILLED DEMONSTRATOR. SKILLED DEMONSTRATOR. TO DEMONSTRATE AND SELL AT OUR STAND AT THE N.Z. INDUSTRIES FAIR. Please apply, by letter stating experience, to "DEMONSTRATOR," Press.

DENTISTRY

P. R. HARRIS, B.D.S. P. R. HARRIS, B.D.S. REGISTERED ASSISTANT. REGISTERED ASSISTANT. Surgery Hours 9 a.m. to 5 p.m. Daily. LONDON DENTAL INSTITUTE, 1124 Cashel street, Christchurch. TELEPHONE 64-632.

WANTED TO LET

CENTRAL, sunny, S/C Flat to let, nicely furn., 2 bedrooms, every convenience. Suit business couple. 'Phone 79-823.

FLAT, Furnished, Bungalow, for elderly couple or business women. Sunny and close. 'Phone 39-436.

STORAGE SPACE AVAILABLE

REGULAR BUILDING. LOCK-UP AREA. ALSO 'TWIXT GARAGE SPACE. Separate Entrance and Telephone. F. J. BRYAN, LTD., 99 Hereford street.

WANTED TO RENT

BUSINESS girl reqs. F.B.S.R., central, 'Phone 75-117.

FURN. Flat or Half a house for rent. Limited period if necessary. Apply "Reliable," Press.

FLAT required, 2 or 3 bedrooms, unfurnished, by reliable couple with no children. 'Phone 39-584.

BOARD AND RESIDENCE

ATTRACTIVE, Comfortable B. and B., at £2 weekly, 276 Barbadoes street.

BED and Breakfast, private, in quiet home, 'Phone 39-762.

YOUNG Catholic Working Man requires Board, with own room, close to the Cathedral, Manchester street. Ring 79-005.

HOLIDAY AND HOTEL ACCOMMODATION

RAKERS to Let, Orange Bay. Good Queen's Birthday Weekend. Apply Box 1403, Press.

BLENHEIM: The Grange, 160 Budge st. First-class Central Accommodation. 'Phone 1046.

HANMER SPRINGS

FULLY FURNISHED COTTAGE. Modern, Sleeps six, sunny, hot and cold water, electrically equipped. Apply 49-726.

DRESSMAKING & TAILORING

CARL Carrington, Dressmaker, Dresses, Coats, Suits, Alterations. 'Phone 47-328.

LADIES' Tailor. Top Lapels Made to Order. Excellent Workmanship. 'Phone 75-443.

APPLICATIONS are invited for the above position. Applicants should state age, experience and qualifications, and enclose copies of references. Good wages and conditions, five-day week, staff amenities and superannuation scheme. Please apply in writing to the Manager, or in person between 9 a.m. and 5 p.m. Excellent prospects of advancement for a keen and capable person. All enquiries treated in strict confidence.
